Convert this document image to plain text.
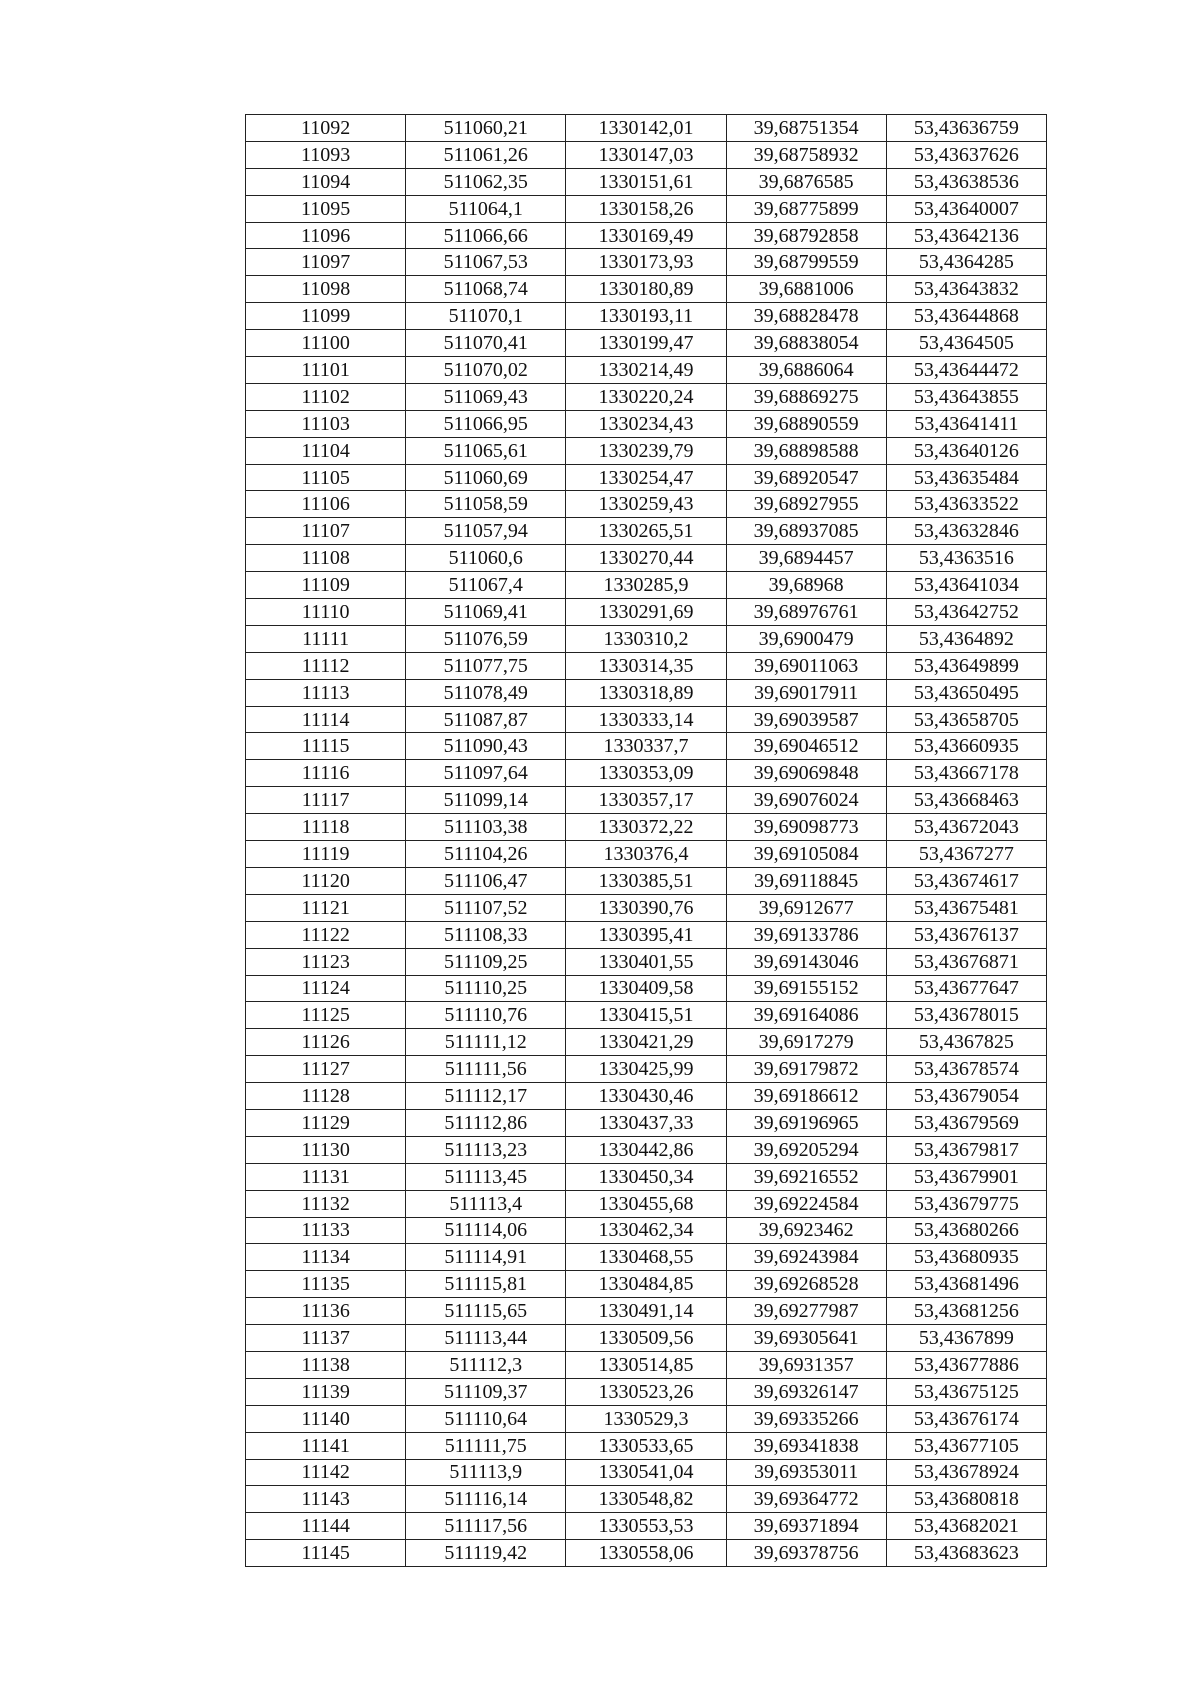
11092	511060,21	1330142,01	39,68751354	53,43636759
11093	511061,26	1330147,03	39,68758932	53,43637626
11094	511062,35	1330151,61	39,6876585	53,43638536
11095	511064,1	1330158,26	39,68775899	53,43640007
11096	511066,66	1330169,49	39,68792858	53,43642136
11097	511067,53	1330173,93	39,68799559	53,4364285
11098	511068,74	1330180,89	39,6881006	53,43643832
11099	511070,1	1330193,11	39,68828478	53,43644868
11100	511070,41	1330199,47	39,68838054	53,4364505
11101	511070,02	1330214,49	39,6886064	53,43644472
11102	511069,43	1330220,24	39,68869275	53,43643855
11103	511066,95	1330234,43	39,68890559	53,43641411
11104	511065,61	1330239,79	39,68898588	53,43640126
11105	511060,69	1330254,47	39,68920547	53,43635484
11106	511058,59	1330259,43	39,68927955	53,43633522
11107	511057,94	1330265,51	39,68937085	53,43632846
11108	511060,6	1330270,44	39,6894457	53,4363516
11109	511067,4	1330285,9	39,68968	53,43641034
11110	511069,41	1330291,69	39,68976761	53,43642752
11111	511076,59	1330310,2	39,6900479	53,4364892
11112	511077,75	1330314,35	39,69011063	53,43649899
11113	511078,49	1330318,89	39,69017911	53,43650495
11114	511087,87	1330333,14	39,69039587	53,43658705
11115	511090,43	1330337,7	39,69046512	53,43660935
11116	511097,64	1330353,09	39,69069848	53,43667178
11117	511099,14	1330357,17	39,69076024	53,43668463
11118	511103,38	1330372,22	39,69098773	53,43672043
11119	511104,26	1330376,4	39,69105084	53,4367277
11120	511106,47	1330385,51	39,69118845	53,43674617
11121	511107,52	1330390,76	39,6912677	53,43675481
11122	511108,33	1330395,41	39,69133786	53,43676137
11123	511109,25	1330401,55	39,69143046	53,43676871
11124	511110,25	1330409,58	39,69155152	53,43677647
11125	511110,76	1330415,51	39,69164086	53,43678015
11126	511111,12	1330421,29	39,6917279	53,4367825
11127	511111,56	1330425,99	39,69179872	53,43678574
11128	511112,17	1330430,46	39,69186612	53,43679054
11129	511112,86	1330437,33	39,69196965	53,43679569
11130	511113,23	1330442,86	39,69205294	53,43679817
11131	511113,45	1330450,34	39,69216552	53,43679901
11132	511113,4	1330455,68	39,69224584	53,43679775
11133	511114,06	1330462,34	39,6923462	53,43680266
11134	511114,91	1330468,55	39,69243984	53,43680935
11135	511115,81	1330484,85	39,69268528	53,43681496
11136	511115,65	1330491,14	39,69277987	53,43681256
11137	511113,44	1330509,56	39,69305641	53,4367899
11138	511112,3	1330514,85	39,6931357	53,43677886
11139	511109,37	1330523,26	39,69326147	53,43675125
11140	511110,64	1330529,3	39,69335266	53,43676174
11141	511111,75	1330533,65	39,69341838	53,43677105
11142	511113,9	1330541,04	39,69353011	53,43678924
11143	511116,14	1330548,82	39,69364772	53,43680818
11144	511117,56	1330553,53	39,69371894	53,43682021
11145	511119,42	1330558,06	39,69378756	53,43683623
